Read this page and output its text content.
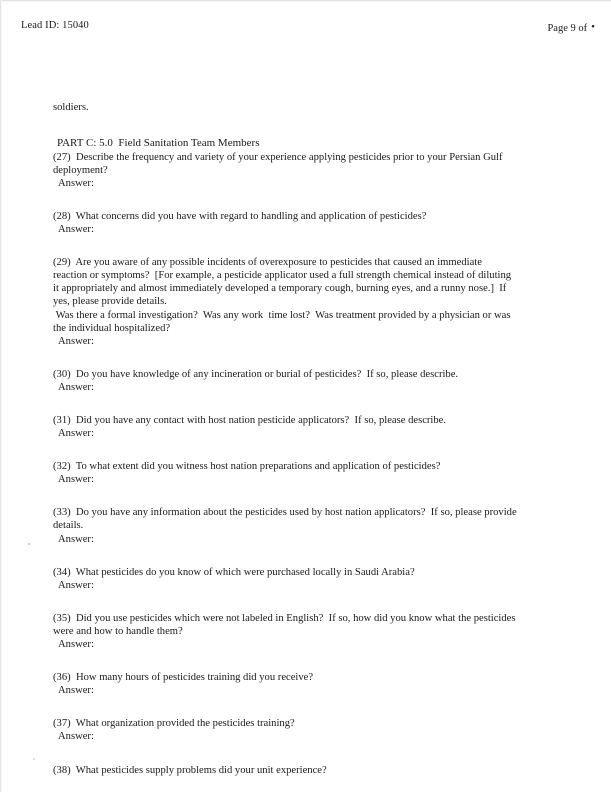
Lead ID: 15040	Page 9 of •

soldiers.

PART C: 5.0  Field Sanitation Team Members

(27)  Describe the frequency and variety of your experience applying pesticides prior to your Persian Gulf deployment?

Answer:

(28)  What concerns did you have with regard to handling and application of pesticides?

Answer:

(29)  Are you aware of any possible incidents of overexposure to pesticides that caused an immediate reaction or symptoms?  [For example, a pesticide applicator used a full strength chemical instead of diluting it appropriately and almost immediately developed a temporary cough, burning eyes, and a runny nose.]  If yes, please provide details.

Was there a formal investigation?  Was any work  time lost?  Was treatment provided by a physician or was the individual hospitalized?

Answer:

(30)  Do you have knowledge of any incineration or burial of pesticides?  If so, please describe.

Answer:

(31)  Did you have any contact with host nation pesticide applicators?  If so, please describe.

Answer:

(32)  To what extent did you witness host nation preparations and application of pesticides?

Answer:

(33)  Do you have any information about the pesticides used by host nation applicators?  If so, please provide details.

Answer:

(34)  What pesticides do you know of which were purchased locally in Saudi Arabia?

Answer:

(35)  Did you use pesticides which were not labeled in English?  If so, how did you know what the pesticides were and how to handle them?

Answer:

(36)  How many hours of pesticides training did you receive?

Answer:

(37)  What organization provided the pesticides training?

Answer:

(38)  What pesticides supply problems did your unit experience?
